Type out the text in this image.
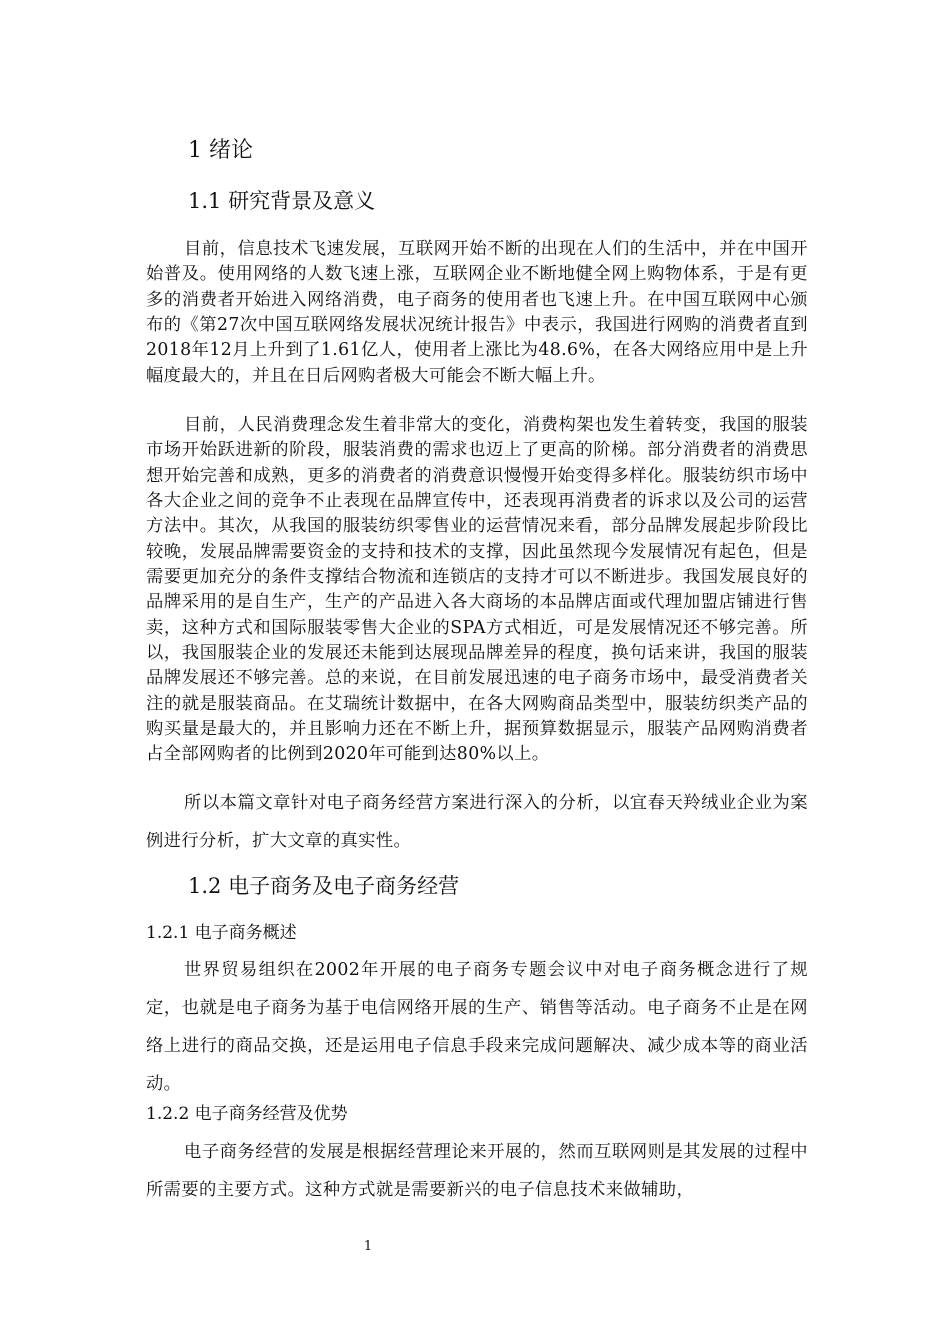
1 绪论
1.1 研究背景及意义

目前，信息技术飞速发展，互联网开始不断的出现在人们的生活中，并在中国开始普及。使用网络的人数飞速上涨，互联网企业不断地健全网上购物体系，于是有更多的消费者开始进入网络消费，电子商务的使用者也飞速上升。在中国互联网中心颁布的《第27次中国互联网络发展状况统计报告》中表示，我国进行网购的消费者直到2018年12月上升到了1.61亿人，使用者上涨比为48.6%，在各大网络应用中是上升幅度最大的，并且在日后网购者极大可能会不断大幅上升。

目前，人民消费理念发生着非常大的变化，消费构架也发生着转变，我国的服装市场开始跃进新的阶段，服装消费的需求也迈上了更高的阶梯。部分消费者的消费思想开始完善和成熟，更多的消费者的消费意识慢慢开始变得多样化。服装纺织市场中各大企业之间的竞争不止表现在品牌宣传中，还表现再消费者的诉求以及公司的运营方法中。其次，从我国的服装纺织零售业的运营情况来看，部分品牌发展起步阶段比较晚，发展品牌需要资金的支持和技术的支撑，因此虽然现今发展情况有起色，但是需要更加充分的条件支撑结合物流和连锁店的支持才可以不断进步。我国发展良好的品牌采用的是自生产，生产的产品进入各大商场的本品牌店面或代理加盟店铺进行售卖，这种方式和国际服装零售大企业的SPA方式相近，可是发展情况还不够完善。所以，我国服装企业的发展还未能到达展现品牌差异的程度，换句话来讲，我国的服装品牌发展还不够完善。总的来说，在目前发展迅速的电子商务市场中，最受消费者关注的就是服装商品。在艾瑞统计数据中，在各大网购商品类型中，服装纺织类产品的购买量是最大的，并且影响力还在不断上升，据预算数据显示，服装产品网购消费者占全部网购者的比例到2020年可能到达80%以上。

所以本篇文章针对电子商务经营方案进行深入的分析，以宜春天羚绒业企业为案例进行分析，扩大文章的真实性。

1.2 电子商务及电子商务经营
1.2.1 电子商务概述

世界贸易组织在2002年开展的电子商务专题会议中对电子商务概念进行了规定，也就是电子商务为基于电信网络开展的生产、销售等活动。电子商务不止是在网络上进行的商品交换，还是运用电子信息手段来完成问题解决、减少成本等的商业活动。

1.2.2 电子商务经营及优势

电子商务经营的发展是根据经营理论来开展的，然而互联网则是其发展的过程中所需要的主要方式。这种方式就是需要新兴的电子信息技术来做辅助，

1
